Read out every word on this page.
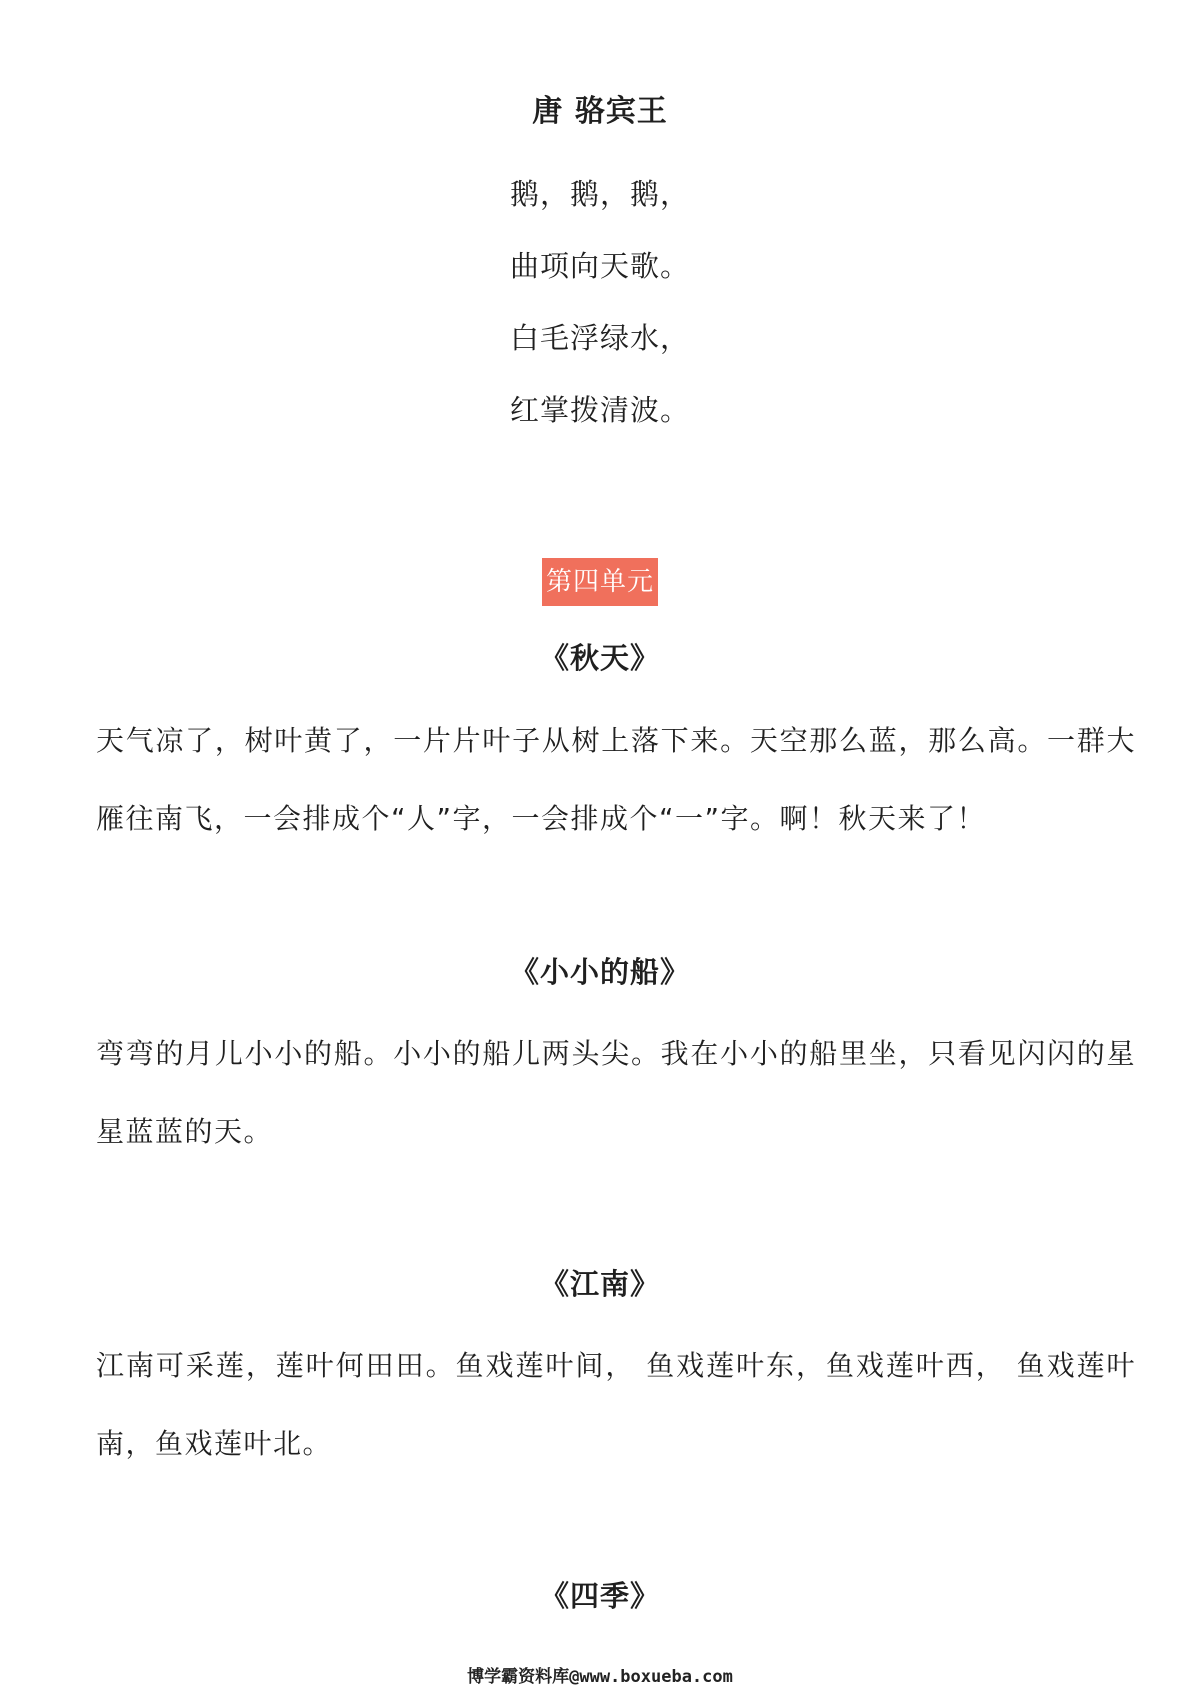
唐 骆宾王
鹅，鹅，鹅，
曲项向天歌。
白毛浮绿水，
红掌拨清波。
第四单元
《秋天》
天气凉了，树叶黄了，一片片叶子从树上落下来。天空那么蓝，那么高。一群大雁往南飞，一会排成个“人”字，一会排成个“一”字。啊！秋天来了！
《小小的船》
弯弯的月儿小小的船。小小的船儿两头尖。我在小小的船里坐，只看见闪闪的星星蓝蓝的天。
《江南》
江南可采莲，莲叶何田田。鱼戏莲叶间， 鱼戏莲叶东，鱼戏莲叶西， 鱼戏莲叶南，鱼戏莲叶北。
《四季》
博学霸资料库@www.boxueba.com
